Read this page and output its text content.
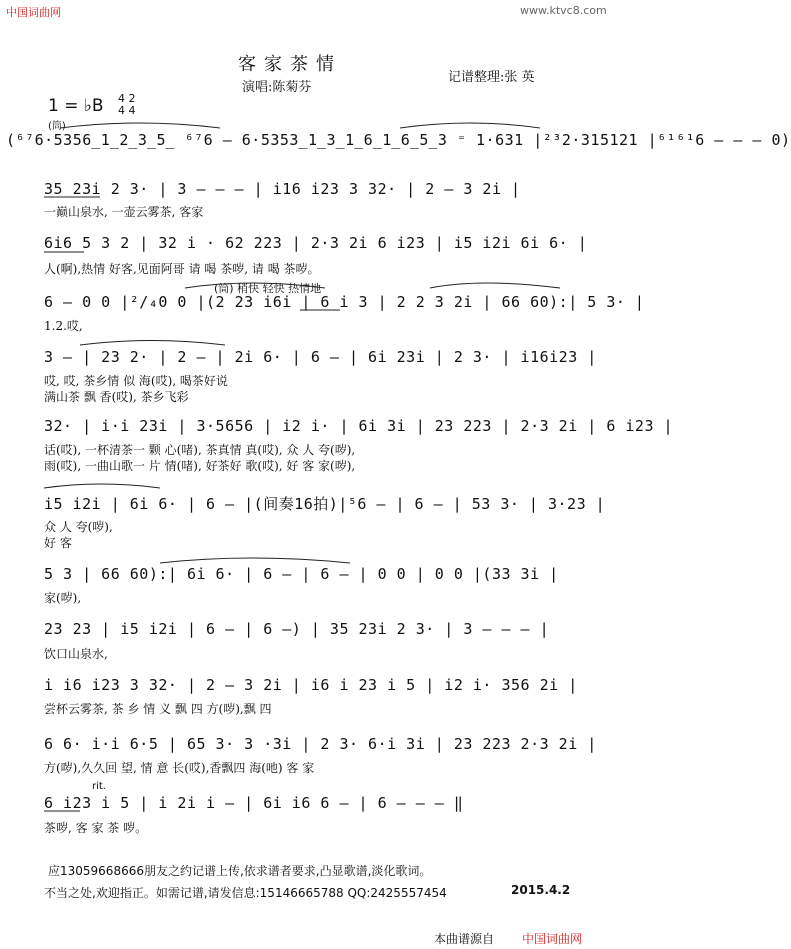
中国词曲网	www.ktvc8.com
客家茶情
演唱:陈菊芬
记谱整理:张 英
1 = ♭B 4 2
4 4
(筒)
(⁶⁷6·5356̲1̲2̲3̲5̲ ⁶⁷6 — 6·5353̲1̲3̲1̲6̲1̲6̲5̲3 ⁼ 1·631 |²³2·315121 |⁶¹⁶¹6 — — — 0)
35 23i 2 3· | 3 — — — | i16 i23 3 32· | 2 — 3 2i |
一巅山泉水, 一壶云雾茶, 客家
6i6 5 3 2 | 32 i · 62 223 | 2·3 2i 6 i23 | i5 i2i 6i 6· |
人(啊),热情 好客,见面阿哥 请 喝 茶哕, 请 喝 茶哕。
(筒) 稍快 轻快 热情地
6 — 0 0 |²/₄0 0 |(2 23 i6i | 6 i 3 | 2 2 3 2i | 66 60):| 5 3· |
1.2.哎,
3 — | 23 2· | 2 — | 2i 6· | 6 — | 6i 23i | 2 3· | i16i23 |
哎, 哎, 茶乡情 似 海(哎), 喝茶好说
满山茶 飘 香(哎), 茶乡飞彩
32· | i·i 23i | 3·5656 | i2 i· | 6i 3i | 23 223 | 2·3 2i | 6 i23 |
话(哎), 一杯清茶一 颗 心(啫), 茶真情 真(哎), 众 人 夸(哕),
雨(哎), 一曲山歌一 片 情(啫), 好茶好 歌(哎), 好 客 家(哕),
i5 i2i | 6i 6· | 6 — |(间奏16拍)|⁵6 — | 6 — | 53 3· | 3·23 |
众 人 夸(哕),
好 客
5 3 | 66 60):| 6i 6· | 6 — | 6 — | 0 0 | 0 0 |(33 3i |
家(哕),
23 23 | i5 i2i | 6 — | 6 —) | 35 23i 2 3· | 3 — — — |
饮口山泉水,
i i6 i23 3 32· | 2 — 3 2i | i6 i 23 i 5 | i2 i· 356 2i |
尝杯云雾茶, 茶 乡 情 义 飘 四 方(哕),飘 四
6 6· i·i 6·5 | 65 3· 3 ·3i | 2 3· 6·i 3i | 23 223 2·3 2i |
方(哕),久久回 望, 情 意 长(哎),香飘四 海(吔) 客 家
rit.
6 i23 i 5 | i 2i i — | 6i i6 6 — | 6 — — — ‖
茶哕, 客 家 茶 哕。
应13059668666朋友之约记谱上传,依求谱者要求,凸显歌谱,淡化歌词。
不当之处,欢迎指正。如需记谱,请发信息:15146665788 QQ:2425557454	2015.4.2
本曲谱源自 中国词曲网
